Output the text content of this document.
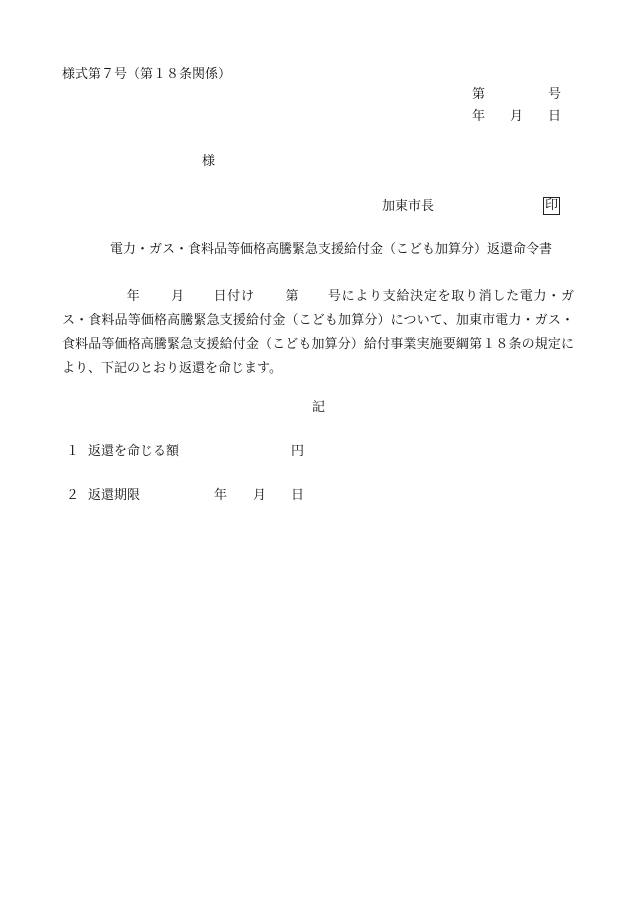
様式第７号（第１８条関係）
第	号
年 月 日
様
加東市長	印
電力・ガス・食料品等価格高騰緊急支援給付金（こども加算分）返還命令書
年 月 日付け 第 号により支給決定を取り消した電力・ガス・食料品等価格高騰緊急支援給付金（こども加算分）について、加東市電力・ガス・食料品等価格高騰緊急支援給付金（こども加算分）給付事業実施要綱第１８条の規定により、下記のとおり返還を命じます。
記
１ 返還を命じる額	円
２ 返還期限	年 月 日
